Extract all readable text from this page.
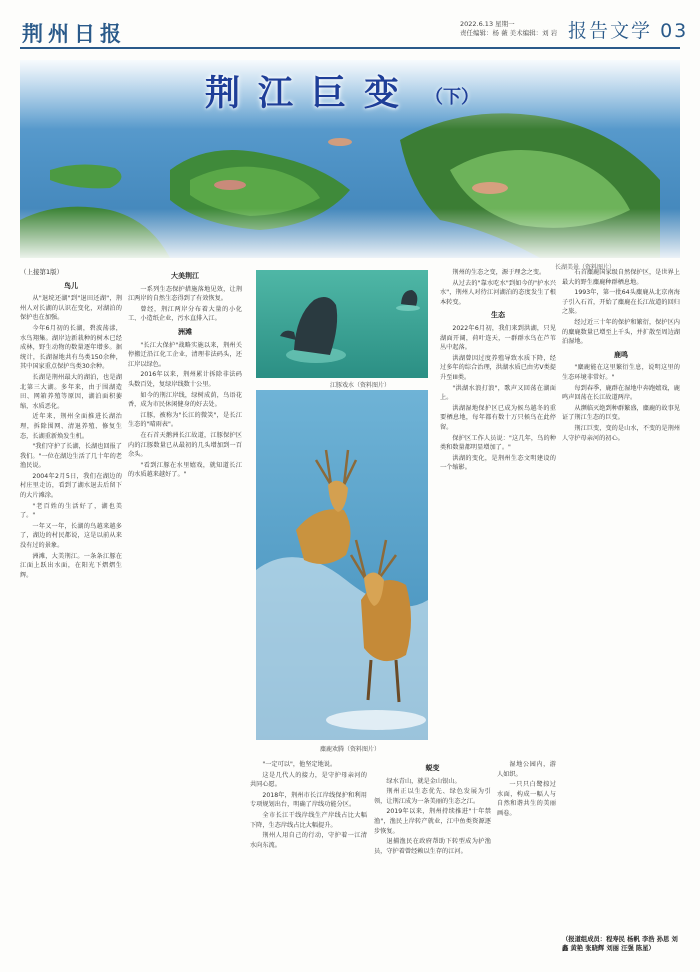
荆州日报	2022.6.13 星期一
责任编辑：杨 薇 美术编辑：刘 岩 报告文学 03
荆江巨变 （下）
长湖美景（资料图片）
（上接第1版）
鸟儿

从"退垸还湖"到"退田还湖"，荆州人对长湖的认识在变化，对湖泊的保护也在加强。

今年6月初的长湖，碧波荡漾，水鸟翔集。湖岸边新栽种的树木已经成林，野生动物的数量逐年增多。据统计，长湖湿地共有鸟类150余种，其中国家重点保护鸟类30余种。

长湖是荆州最大的湖泊，也是湖北第三大湖。多年来，由于围湖造田、网箱养殖等原因，湖泊面积萎缩，水质恶化。

近年来，荆州全面推进长湖治理，拆除围网、清退养殖、修复生态，长湖重新焕发生机。

"我们守护了长湖，长湖也回报了我们。"一位在湖边生活了几十年的老渔民说。

2004年2月5日，我们在湖边的村庄里走访，看到了湖水退去后留下的大片滩涂。

"老百姓的生活好了，湖也美了。"

一年又一年，长湖的鸟越来越多了，湖边的村民都说，这是以前从来没有过的景象。

洲滩，大美荆江。一条条江豚在江面上跃出水面，在阳光下熠熠生辉。

大美荆江

一系列生态保护措施落地见效，让荆江两岸的自然生态得到了有效恢复。

曾经，荆江两岸分布着大量的小化工、小造纸企业，污水直排入江。

洲滩

"长江大保护"战略实施以来，荆州关停搬迁沿江化工企业，清理非法码头，还江岸以绿色。

2016年以来，荆州累计拆除非法码头数百处，复绿岸线数十公里。

如今的荆江岸线，绿树成荫，鸟语花香，成为市民休闲健身的好去处。

江豚，被称为"长江的微笑"，是长江生态的"晴雨表"。

在石首天鹅洲长江故道，江豚保护区内的江豚数量已从最初的几头增加到一百余头。

"看到江豚在水里嬉戏，就知道长江的水质越来越好了。"

江豚戏水（资料图片）
麋鹿欢腾（资料图片）

"一定可以"，他坚定地说。

这是几代人的接力，是守护母亲河的共同心愿。

2018年，荆州市长江岸线保护和利用专项规划出台，明确了岸线功能分区。

全市长江干线岸线生产岸线占比大幅下降，生态岸线占比大幅提升。

荆州人用自己的行动，守护着一江清水向东流。

蜕变

绿水青山，就是金山银山。

荆州正以生态优先、绿色发展为引领，让荆江成为一条美丽的生态之江。

2019年以来，荆州持续推进"十年禁渔"，渔民上岸转产就业，江中鱼类资源逐步恢复。

退捕渔民在政府帮助下转型成为护渔员，守护着曾经赖以生存的江河。

荆州的生态之变，源于理念之变。

从过去的"靠水吃水"到如今的"护水兴水"，荆州人对待江河湖泊的态度发生了根本转变。

生态

2022年6月初，我们来到洪湖，只见湖面开阔，荷叶连天，一群群水鸟在芦苇丛中起落。

洪湖曾因过度养殖导致水质下降，经过多年的综合治理，洪湖水质已由劣V类提升至III类。

"洪湖水浪打浪"，歌声又回荡在湖面上。

洪湖湿地保护区已成为候鸟越冬的重要栖息地，每年都有数十万只候鸟在此停留。

保护区工作人员说："这几年，鸟的种类和数量都明显增加了。"

洪湖的变化，是荆州生态文明建设的一个缩影。

湿地公园内，游人如织。

一只只白鹭掠过水面，构成一幅人与自然和谐共生的美丽画卷。

石首麋鹿国家级自然保护区，是世界上最大的野生麋鹿种群栖息地。

1993年，第一批64头麋鹿从北京南海子引入石首，开始了麋鹿在长江故道的回归之旅。

经过近三十年的保护和繁衍，保护区内的麋鹿数量已增至上千头，并扩散至周边湖泊湿地。

鹿鸣

"麋鹿能在这里繁衍生息，说明这里的生态环境非常好。"

每到春季，鹿群在湿地中奔跑嬉戏，鹿鸣声回荡在长江故道两岸。

从濒临灭绝到种群繁盛，麋鹿的故事见证了荆江生态的巨变。

荆江巨变，变的是山水，不变的是荆州人守护母亲河的初心。

（报道组成员：程寿民 杨帆 李浩 孙思 刘鑫 黄艳 张晓辉 刘丽 汪强 陈星）
